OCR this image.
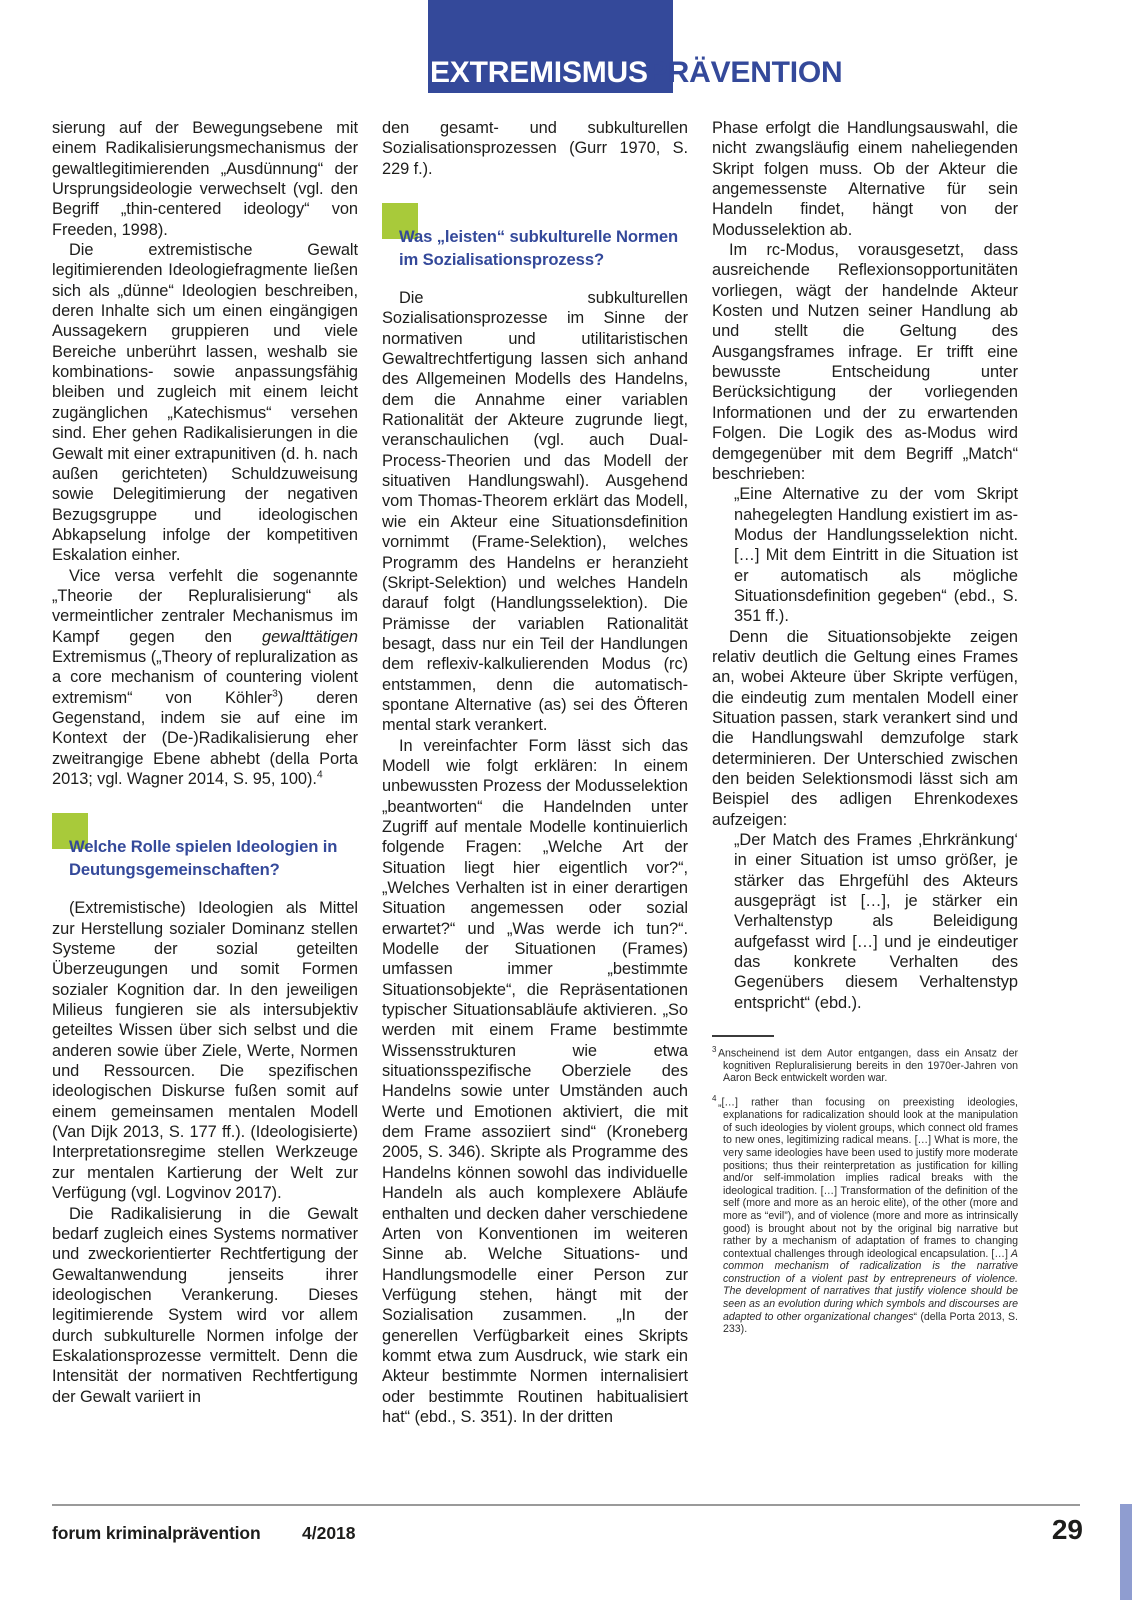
EXTREMISMUSPRÄVENTION

sierung auf der Bewegungsebene mit einem Radikalisierungsmechanismus der gewaltlegitimierenden „Ausdünnung“ der Ursprungsideologie verwechselt (vgl. den Begriff „thin-centered ideology“ von Freeden, 1998).

Die extremistische Gewalt legitimierenden Ideologiefragmente ließen sich als „dünne“ Ideologien beschreiben, deren Inhalte sich um einen eingängigen Aussagekern gruppieren und viele Bereiche unberührt lassen, weshalb sie kombinations- sowie anpassungsfähig bleiben und zugleich mit einem leicht zugänglichen „Katechismus“ versehen sind. Eher gehen Radikalisierungen in die Gewalt mit einer extrapunitiven (d. h. nach außen gerichteten) Schuldzuweisung sowie Delegitimierung der negativen Bezugsgruppe und ideologischen Abkapselung infolge der kompetitiven Eskalation einher.

Vice versa verfehlt die sogenannte „Theorie der Repluralisierung“ als vermeintlicher zentraler Mechanismus im Kampf gegen den gewalttätigen Extremismus („Theory of repluralization as a core mechanism of countering violent extremism“ von Köhler$^3$) deren Gegenstand, indem sie auf eine im Kontext der (De-)Radikalisierung eher zweitrangige Ebene abhebt (della Porta 2013; vgl. Wagner 2014, S. 95, 100).$^4$

Welche Rolle spielen Ideologien in Deutungsgemeinschaften?

(Extremistische) Ideologien als Mittel zur Herstellung sozialer Dominanz stellen Systeme der sozial geteilten Überzeugungen und somit Formen sozialer Kognition dar. In den jeweiligen Milieus fungieren sie als intersubjektiv geteiltes Wissen über sich selbst und die anderen sowie über Ziele, Werte, Normen und Ressourcen. Die spezifischen ideologischen Diskurse fußen somit auf einem gemeinsamen mentalen Modell (Van Dijk 2013, S. 177 ff.). (Ideologisierte) Interpretationsregime stellen Werkzeuge zur mentalen Kartierung der Welt zur Verfügung (vgl. Logvinov 2017).

Die Radikalisierung in die Gewalt bedarf zugleich eines Systems normativer und zweckorientierter Rechtfertigung der Gewaltanwendung jenseits ihrer ideologischen Verankerung. Dieses legitimierende System wird vor allem durch subkulturelle Normen infolge der Eskalationsprozesse vermittelt. Denn die Intensität der normativen Rechtfertigung der Gewalt variiert in

den gesamt- und subkulturellen Sozialisationsprozessen (Gurr 1970, S. 229 f.).

Was „leisten“ subkulturelle Normen im Sozialisationsprozess?

Die subkulturellen Sozialisationsprozesse im Sinne der normativen und utilitaristischen Gewaltrechtfertigung lassen sich anhand des Allgemeinen Modells des Handelns, dem die Annahme einer variablen Rationalität der Akteure zugrunde liegt, veranschaulichen (vgl. auch Dual-Process-Theorien und das Modell der situativen Handlungswahl). Ausgehend vom Thomas-Theorem erklärt das Modell, wie ein Akteur eine Situationsdefinition vornimmt (Frame-Selektion), welches Programm des Handelns er heranzieht (Skript-Selektion) und welches Handeln darauf folgt (Handlungsselektion). Die Prämisse der variablen Rationalität besagt, dass nur ein Teil der Handlungen dem reflexiv-kalkulierenden Modus (rc) entstammen, denn die automatisch-spontane Alternative (as) sei des Öfteren mental stark verankert.

In vereinfachter Form lässt sich das Modell wie folgt erklären: In einem unbewussten Prozess der Modusselektion „beantworten“ die Handelnden unter Zugriff auf mentale Modelle kontinuierlich folgende Fragen: „Welche Art der Situation liegt hier eigentlich vor?“, „Welches Verhalten ist in einer derartigen Situation angemessen oder sozial erwartet?“ und „Was werde ich tun?“. Modelle der Situationen (Frames) umfassen immer „bestimmte Situationsobjekte“, die Repräsentationen typischer Situationsabläufe aktivieren. „So werden mit einem Frame bestimmte Wissensstrukturen wie etwa situationsspezifische Oberziele des Handelns sowie unter Umständen auch Werte und Emotionen aktiviert, die mit dem Frame assoziiert sind“ (Kroneberg 2005, S. 346). Skripte als Programme des Handelns können sowohl das individuelle Handeln als auch komplexere Abläufe enthalten und decken daher verschiedene Arten von Konventionen im weiteren Sinne ab. Welche Situations- und Handlungsmodelle einer Person zur Verfügung stehen, hängt mit der Sozialisation zusammen. „In der generellen Verfügbarkeit eines Skripts kommt etwa zum Ausdruck, wie stark ein Akteur bestimmte Normen internalisiert oder bestimmte Routinen habitualisiert hat“ (ebd., S. 351). In der dritten

Phase erfolgt die Handlungsauswahl, die nicht zwangsläufig einem naheliegenden Skript folgen muss. Ob der Akteur die angemessenste Alternative für sein Handeln findet, hängt von der Modusselektion ab.

Im rc-Modus, vorausgesetzt, dass ausreichende Reflexionsopportunitäten vorliegen, wägt der handelnde Akteur Kosten und Nutzen seiner Handlung ab und stellt die Geltung des Ausgangsframes infrage. Er trifft eine bewusste Entscheidung unter Berücksichtigung der vorliegenden Informationen und der zu erwartenden Folgen. Die Logik des as-Modus wird demgegenüber mit dem Begriff „Match“ beschrieben:

„Eine Alternative zu der vom Skript nahegelegten Handlung existiert im as-Modus der Handlungsselektion nicht. […] Mit dem Eintritt in die Situation ist er automatisch als mögliche Situationsdefinition gegeben“ (ebd., S. 351 ff.).

Denn die Situationsobjekte zeigen relativ deutlich die Geltung eines Frames an, wobei Akteure über Skripte verfügen, die eindeutig zum mentalen Modell einer Situation passen, stark verankert sind und die Handlungswahl demzufolge stark determinieren. Der Unterschied zwischen den beiden Selektionsmodi lässt sich am Beispiel des adligen Ehrenkodexes aufzeigen:

„Der Match des Frames ‚Ehrkränkung‘ in einer Situation ist umso größer, je stärker das Ehrgefühl des Akteurs ausgeprägt ist […], je stärker ein Verhaltenstyp als Beleidigung aufgefasst wird […] und je eindeutiger das konkrete Verhalten des Gegenübers diesem Verhaltenstyp entspricht“ (ebd.).

$^3$ Anscheinend ist dem Autor entgangen, dass ein Ansatz der kognitiven Repluralisierung bereits in den 1970er-Jahren von Aaron Beck entwickelt worden war.

$^4$ „[…] rather than focusing on preexisting ideologies, explanations for radicalization should look at the manipulation of such ideologies by violent groups, which connect old frames to new ones, legitimizing radical means. […] What is more, the very same ideologies have been used to justify more moderate positions; thus their reinterpretation as justification for killing and/or self-immolation implies radical breaks with the ideological tradition. […] Transformation of the definition of the self (more and more as an heroic elite), of the other (more and more as “evil”), and of violence (more and more as intrinsically good) is brought about not by the original big narrative but rather by a mechanism of adaptation of frames to changing contextual challenges through ideological encapsulation. […] A common mechanism of radicalization is the narrative construction of a violent past by entrepreneurs of violence. The development of narratives that justify violence should be seen as an evolution during which symbols and discourses are adapted to other organizational changes“ (della Porta 2013, S. 233).

forum kriminalprävention 4/2018	29
